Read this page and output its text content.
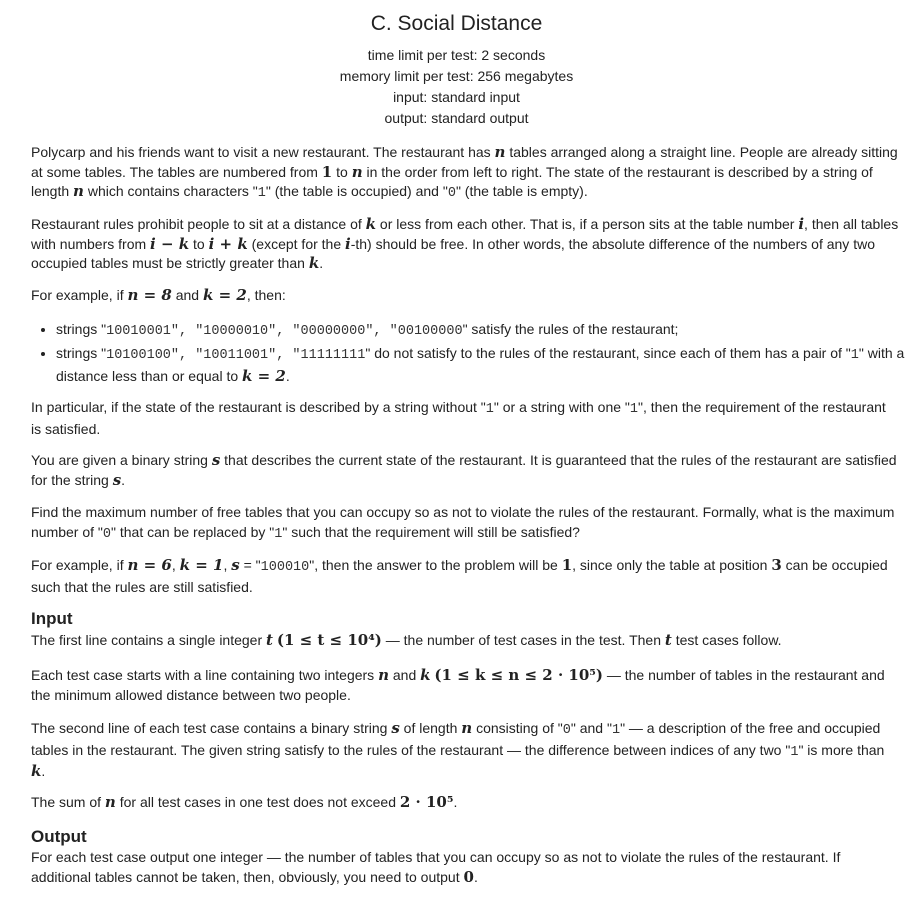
C. Social Distance
time limit per test: 2 seconds
memory limit per test: 256 megabytes
input: standard input
output: standard output
Polycarp and his friends want to visit a new restaurant. The restaurant has n tables arranged along a straight line. People are already sitting at some tables. The tables are numbered from 1 to n in the order from left to right. The state of the restaurant is described by a string of length n which contains characters "1" (the table is occupied) and "0" (the table is empty).
Restaurant rules prohibit people to sit at a distance of k or less from each other. That is, if a person sits at the table number i, then all tables with numbers from i − k to i + k (except for the i-th) should be free. In other words, the absolute difference of the numbers of any two occupied tables must be strictly greater than k.
For example, if n = 8 and k = 2, then:
• strings "10010001", "10000010", "00000000", "00100000" satisfy the rules of the restaurant;
• strings "10100100", "10011001", "11111111" do not satisfy to the rules of the restaurant, since each of them has a pair of "1" with a distance less than or equal to k = 2.
In particular, if the state of the restaurant is described by a string without "1" or a string with one "1", then the requirement of the restaurant is satisfied.
You are given a binary string s that describes the current state of the restaurant. It is guaranteed that the rules of the restaurant are satisfied for the string s.
Find the maximum number of free tables that you can occupy so as not to violate the rules of the restaurant. Formally, what is the maximum number of "0" that can be replaced by "1" such that the requirement will still be satisfied?
For example, if n = 6, k = 1, s = "100010", then the answer to the problem will be 1, since only the table at position 3 can be occupied such that the rules are still satisfied.
Input
The first line contains a single integer t (1 ≤ t ≤ 10⁴) — the number of test cases in the test. Then t test cases follow.
Each test case starts with a line containing two integers n and k (1 ≤ k ≤ n ≤ 2 · 10⁵) — the number of tables in the restaurant and the minimum allowed distance between two people.
The second line of each test case contains a binary string s of length n consisting of "0" and "1" — a description of the free and occupied tables in the restaurant. The given string satisfy to the rules of the restaurant — the difference between indices of any two "1" is more than k.
The sum of n for all test cases in one test does not exceed 2 · 10⁵.
Output
For each test case output one integer — the number of tables that you can occupy so as not to violate the rules of the restaurant. If additional tables cannot be taken, then, obviously, you need to output 0.
